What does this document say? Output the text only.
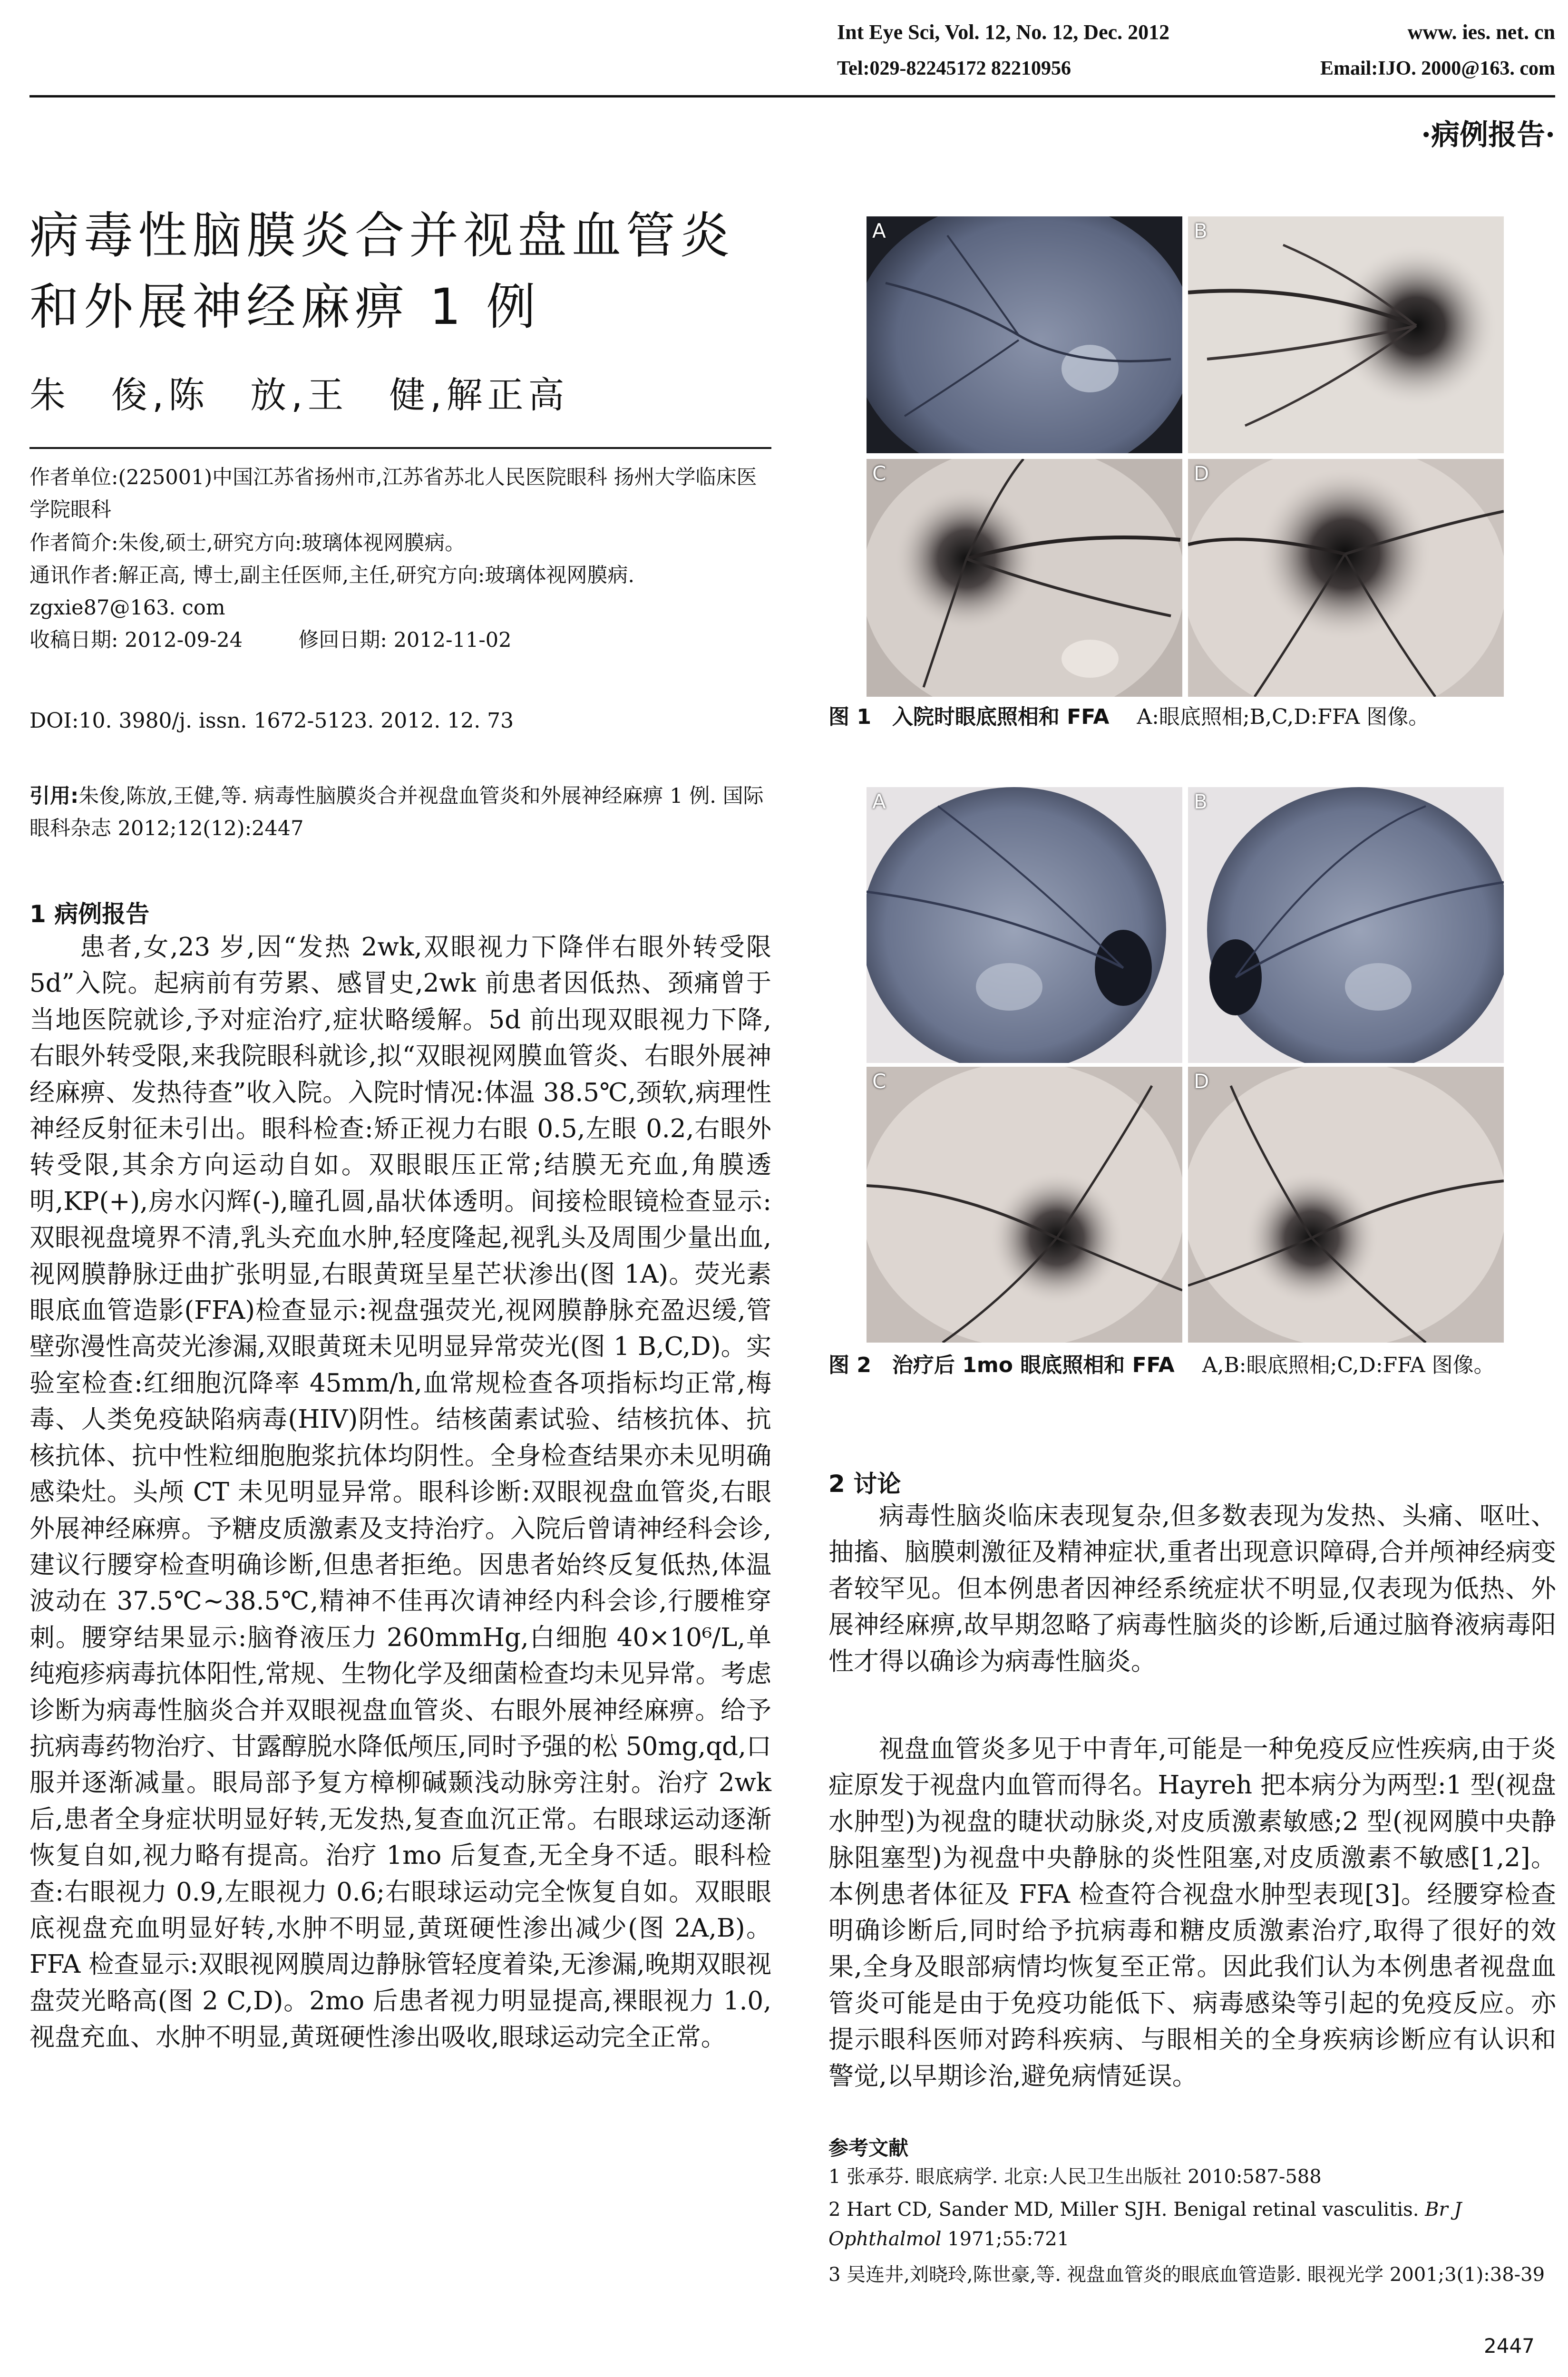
Int Eye Sci, Vol. 12, No. 12, Dec. 2012	www. ies. net. cn
Tel:029-82245172 82210956	Email:IJO. 2000@163. com
·病例报告·
病毒性脑膜炎合并视盘血管炎
和外展神经麻痹 1 例
朱　俊,陈　放,王　健,解正高
作者单位:(225001)中国江苏省扬州市,江苏省苏北人民医院眼科 扬州大学临床医学院眼科
作者简介:朱俊,硕士,研究方向:玻璃体视网膜病。
通讯作者:解正高, 博士,副主任医师,主任,研究方向:玻璃体视网膜病. zgxie87@163. com
收稿日期: 2012-09-24	修回日期: 2012-11-02
DOI:10. 3980/j. issn. 1672-5123. 2012. 12. 73
引用:朱俊,陈放,王健,等. 病毒性脑膜炎合并视盘血管炎和外展神经麻痹 1 例. 国际眼科杂志 2012;12(12):2447
1 病例报告
患者,女,23 岁,因“发热 2wk,双眼视力下降伴右眼外转受限 5d”入院。起病前有劳累、感冒史,2wk 前患者因低热、颈痛曾于当地医院就诊,予对症治疗,症状略缓解。5d 前出现双眼视力下降,右眼外转受限,来我院眼科就诊,拟“双眼视网膜血管炎、右眼外展神经麻痹、发热待查”收入院。入院时情况:体温 38.5℃,颈软,病理性神经反射征未引出。眼科检查:矫正视力右眼 0.5,左眼 0.2,右眼外转受限,其余方向运动自如。双眼眼压正常;结膜无充血,角膜透明,KP(+),房水闪辉(-),瞳孔圆,晶状体透明。间接检眼镜检查显示:双眼视盘境界不清,乳头充血水肿,轻度隆起,视乳头及周围少量出血,视网膜静脉迂曲扩张明显,右眼黄斑呈星芒状渗出(图 1A)。荧光素眼底血管造影(FFA)检查显示:视盘强荧光,视网膜静脉充盈迟缓,管壁弥漫性高荧光渗漏,双眼黄斑未见明显异常荧光(图 1 B,C,D)。实验室检查:红细胞沉降率 45mm/h,血常规检查各项指标均正常,梅毒、人类免疫缺陷病毒(HIV)阴性。结核菌素试验、结核抗体、抗核抗体、抗中性粒细胞胞浆抗体均阴性。全身检查结果亦未见明确感染灶。头颅 CT 未见明显异常。眼科诊断:双眼视盘血管炎,右眼外展神经麻痹。予糖皮质激素及支持治疗。入院后曾请神经科会诊,建议行腰穿检查明确诊断,但患者拒绝。因患者始终反复低热,体温波动在 37.5℃~38.5℃,精神不佳再次请神经内科会诊,行腰椎穿刺。腰穿结果显示:脑脊液压力 260mmHg,白细胞 40×10⁶/L,单纯疱疹病毒抗体阳性,常规、生物化学及细菌检查均未见异常。考虑诊断为病毒性脑炎合并双眼视盘血管炎、右眼外展神经麻痹。给予抗病毒药物治疗、甘露醇脱水降低颅压,同时予强的松 50mg,qd,口服并逐渐减量。眼局部予复方樟柳碱颞浅动脉旁注射。治疗 2wk 后,患者全身症状明显好转,无发热,复查血沉正常。右眼球运动逐渐恢复自如,视力略有提高。治疗 1mo 后复查,无全身不适。眼科检查:右眼视力 0.9,左眼视力 0.6;右眼球运动完全恢复自如。双眼眼底视盘充血明显好转,水肿不明显,黄斑硬性渗出减少(图 2A,B)。FFA 检查显示:双眼视网膜周边静脉管轻度着染,无渗漏,晚期双眼视盘荧光略高(图 2 C,D)。2mo 后患者视力明显提高,裸眼视力 1.0,视盘充血、水肿不明显,黄斑硬性渗出吸收,眼球运动完全正常。
A	B
C	D
图 1　入院时眼底照相和 FFA A:眼底照相;B,C,D:FFA 图像。
A	B
C	D
图 2　治疗后 1mo 眼底照相和 FFA A,B:眼底照相;C,D:FFA 图像。
2 讨论
病毒性脑炎临床表现复杂,但多数表现为发热、头痛、呕吐、抽搐、脑膜刺激征及精神症状,重者出现意识障碍,合并颅神经病变者较罕见。但本例患者因神经系统症状不明显,仅表现为低热、外展神经麻痹,故早期忽略了病毒性脑炎的诊断,后通过脑脊液病毒阳性才得以确诊为病毒性脑炎。
视盘血管炎多见于中青年,可能是一种免疫反应性疾病,由于炎症原发于视盘内血管而得名。Hayreh 把本病分为两型:1 型(视盘水肿型)为视盘的睫状动脉炎,对皮质激素敏感;2 型(视网膜中央静脉阻塞型)为视盘中央静脉的炎性阻塞,对皮质激素不敏感[1,2]。本例患者体征及 FFA 检查符合视盘水肿型表现[3]。经腰穿检查明确诊断后,同时给予抗病毒和糖皮质激素治疗,取得了很好的效果,全身及眼部病情均恢复至正常。因此我们认为本例患者视盘血管炎可能是由于免疫功能低下、病毒感染等引起的免疫反应。亦提示眼科医师对跨科疾病、与眼相关的全身疾病诊断应有认识和警觉,以早期诊治,避免病情延误。
参考文献
1 张承芬. 眼底病学. 北京:人民卫生出版社 2010:587-588
2 Hart CD, Sander MD, Miller SJH. Benigal retinal vasculitis. Br J Ophthalmol 1971;55:721
3 吴连井,刘晓玲,陈世豪,等. 视盘血管炎的眼底血管造影. 眼视光学 2001;3(1):38-39
2447
